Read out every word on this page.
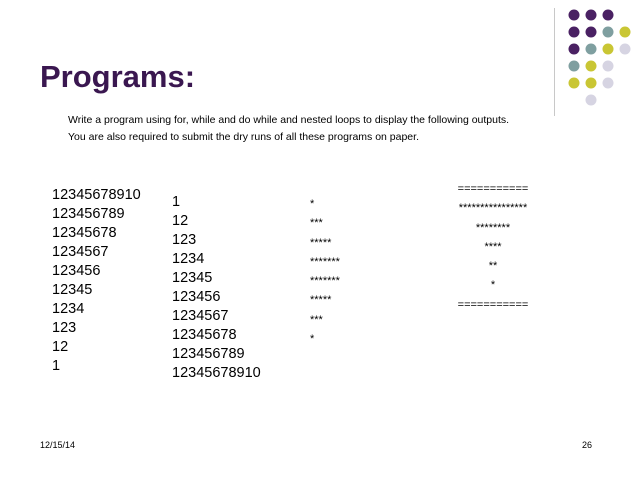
Programs:
Write a program using for, while and do while and nested loops to display the following outputs. You are also required to submit the dry runs of all these programs on paper.
12345678910
123456789
12345678
1234567
123456
12345
1234
123
12
1
1
12
123
1234
12345
123456
1234567
12345678
123456789
12345678910
*
***
*****
*******
*******
*****
***
*
===========
****************
********
****
**
*
===========
12/15/14	26
